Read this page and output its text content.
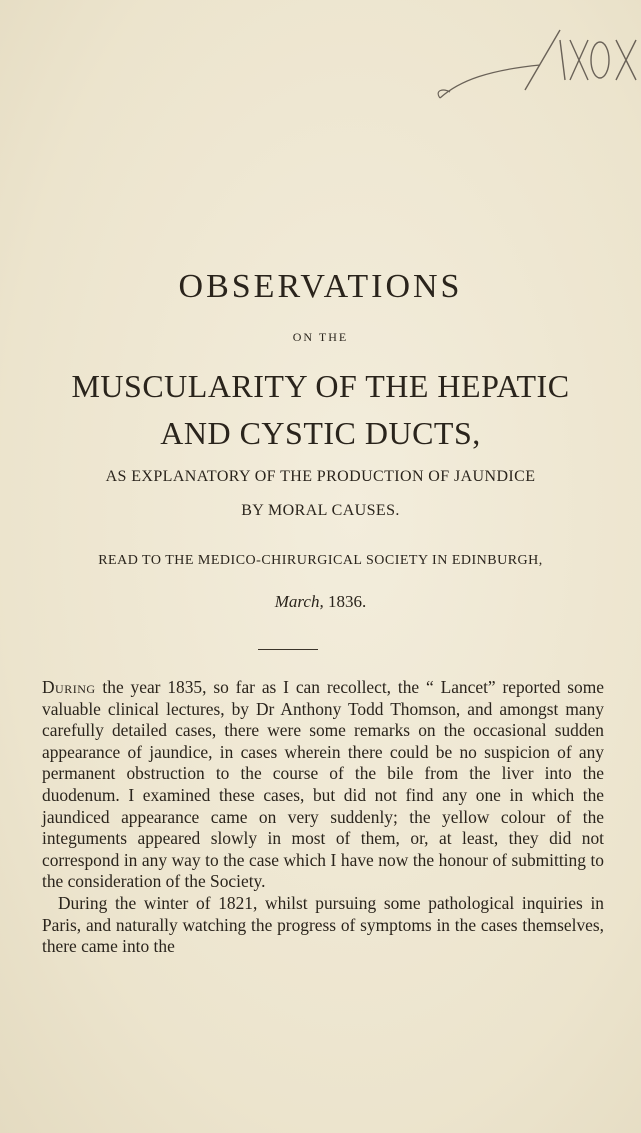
OBSERVATIONS
ON THE
MUSCULARITY OF THE HEPATIC
AND CYSTIC DUCTS,
AS EXPLANATORY OF THE PRODUCTION OF JAUNDICE
BY MORAL CAUSES.
READ TO THE MEDICO-CHIRURGICAL SOCIETY IN EDINBURGH,
March, 1836.

During the year 1835, so far as I can recollect, the “ Lancet” reported some valuable clinical lectures, by Dr Anthony Todd Thomson, and amongst many carefully detailed cases, there were some remarks on the occasional sudden appearance of jaundice, in cases wherein there could be no suspicion of any permanent obstruction to the course of the bile from the liver into the duodenum. I examined these cases, but did not find any one in which the jaundiced appearance came on very suddenly; the yellow colour of the integuments appeared slowly in most of them, or, at least, they did not correspond in any way to the case which I have now the honour of submitting to the consideration of the Society.

During the winter of 1821, whilst pursuing some pathological inquiries in Paris, and naturally watching the progress of symptoms in the cases themselves, there came into the
